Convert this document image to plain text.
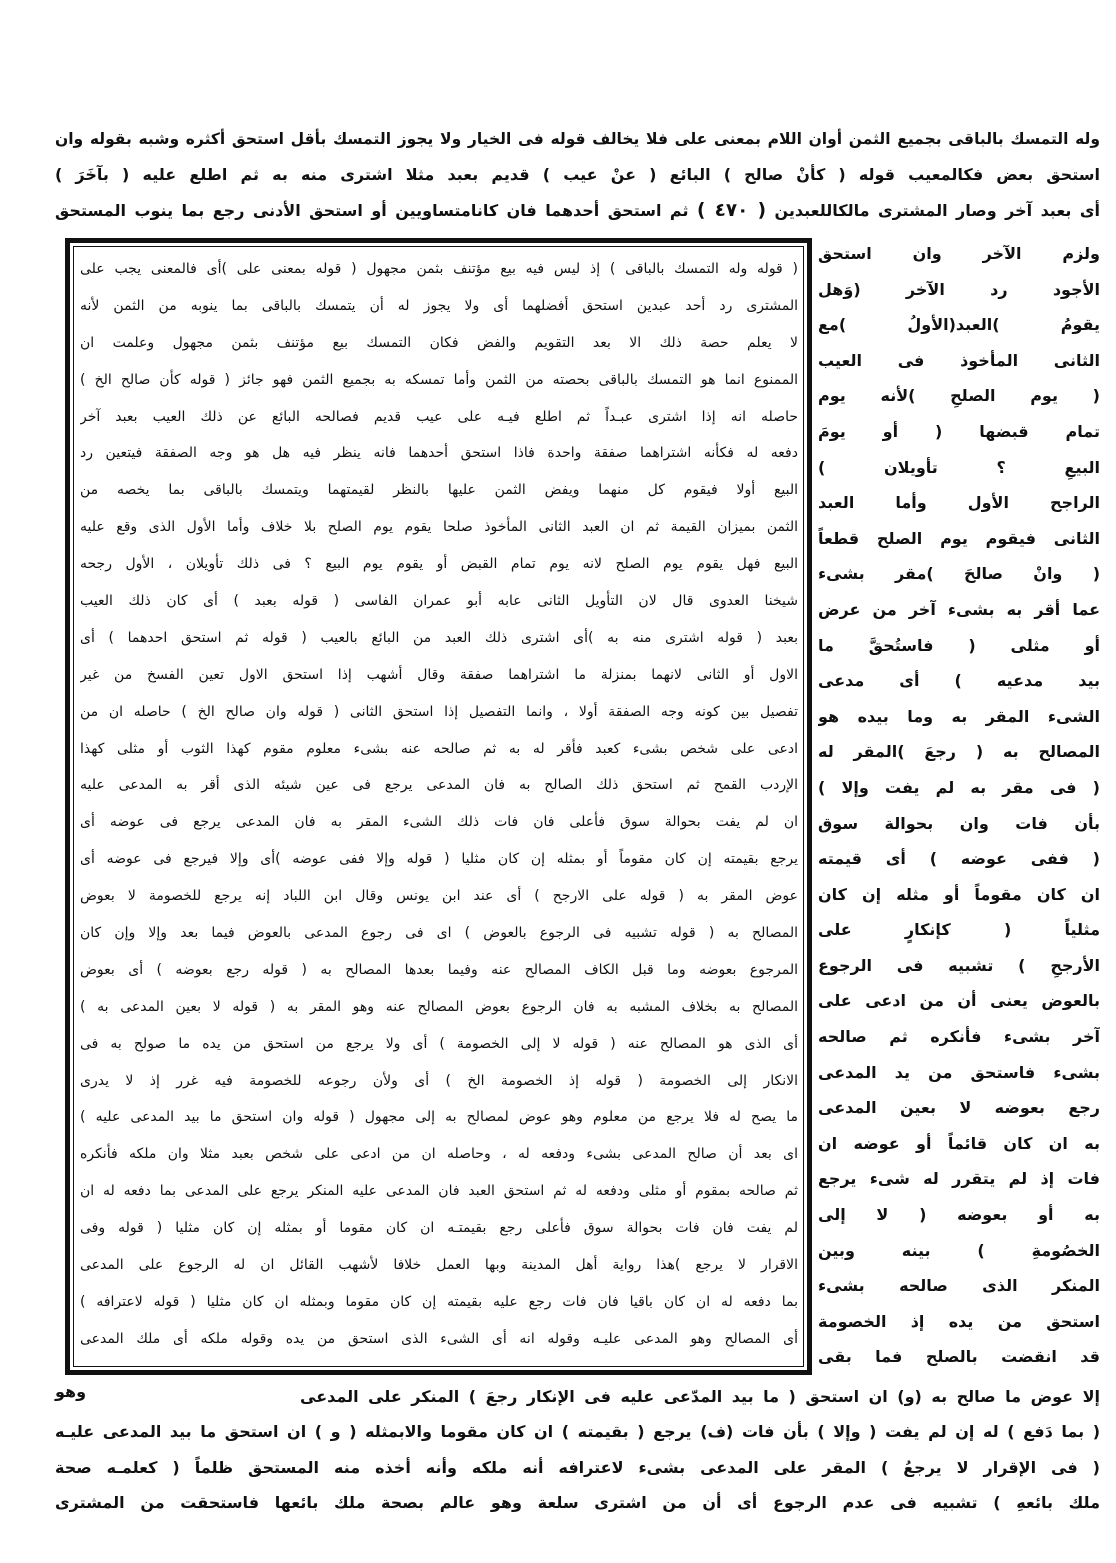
وله التمسك بالباقى بجميع الثمن أوان اللام بمعنى على فلا يخالف قوله فى الخيار ولا يجوز التمسك بأقل استحق أكثره وشبه بقوله وان
استحق بعض فكالمعيب قوله ( كأنْ صالح ) البائع ( عنْ عيب ) قديم بعبد مثلا اشترى منه به ثم اطلع عليه ( بآخَرَ )
أى بعبد آخر وصار المشترى مالكاللعبدين ( ٤٧٠ ) ثم استحق أحدهما فان كانامتساويين أو استحق الأدنى رجع بما ينوب المستحق
( قوله وله التمسك بالباقى ) إذ ليس فيه بيع مؤتنف بثمن مجهول ( قوله بمعنى على )أى فالمعنى يجب على
المشترى رد أحد عبدين استحق أفضلهما أى ولا يجوز له أن يتمسك بالباقى بما ينوبه من الثمن لأنه
لا يعلم حصة ذلك الا بعد التقويم والفض فكان التمسك بيع مؤتنف بثمن مجهول وعلمت ان
الممنوع انما هو التمسك بالباقى بحصته من الثمن وأما تمسكه به بجميع الثمن فهو جائز ( قوله كأن صالح الخ )
حاصله انه إذا اشترى عبـداً ثم اطلع فيـه على عيب قديم فصالحه البائع عن ذلك العيب بعبد آخر
دفعه له فكأنه اشتراهما صفقة واحدة فاذا استحق أحدهما فانه ينظر فيه هل هو وجه الصفقة فيتعين رد
البيع أولا فيقوم كل منهما ويفض الثمن عليها بالنظر لقيمتهما ويتمسك بالباقى بما يخصه من
الثمن بميزان القيمة ثم ان العبد الثانى المأخوذ صلحا يقوم يوم الصلح بلا خلاف وأما الأول الذى وقع عليه
البيع فهل يقوم يوم الصلح لانه يوم تمام القبض أو يقوم يوم البيع ؟ فى ذلك تأويلان ، الأول رجحه
شيخنا العدوى قال لان التأويل الثانى عابه أبو عمران الفاسى ( قوله بعبد ) أى كان ذلك العيب
بعبد ( قوله اشترى منه به )أى اشترى ذلك العبد من البائع بالعيب ( قوله ثم استحق احدهما ) أى
الاول أو الثانى لانهما بمنزلة ما اشتراهما صفقة وقال أشهب إذا استحق الاول تعين الفسخ من غير
تفصيل بين كونه وجه الصفقة أولا ، وانما التفصيل إذا استحق الثانى ( قوله وان صالح الخ ) حاصله ان من
ادعى على شخص بشىء كعبد فأقر له به ثم صالحه عنه بشىء معلوم مقوم كهذا الثوب أو مثلى كهذا
الإردب القمح ثم استحق ذلك الصالح به فان المدعى يرجع فى عين شيئه الذى أقر به المدعى عليه
ان لم يفت بحوالة سوق فأعلى فان فات ذلك الشىء المقر به فان المدعى يرجع فى عوضه أى
يرجع بقيمته إن كان مقوماً أو بمثله إن كان مثليا ( قوله وإلا ففى عوضه )أى وإلا فيرجع فى عوضه أى
عوض المقر به ( قوله على الارجح ) أى عند ابن يونس وقال ابن اللباد إنه يرجع للخصومة لا بعوض
المصالح به ( قوله تشبيه فى الرجوع بالعوض ) اى فى رجوع المدعى بالعوض فيما بعد وإلا وإن كان
المرجوع بعوضه وما قبل الكاف المصالح عنه وفيما بعدها المصالح به ( قوله رجع بعوضه ) أى بعوض
المصالح به بخلاف المشبه به فان الرجوع بعوض المصالح عنه وهو المقر به ( قوله لا بعين المدعى به )
أى الذى هو المصالح عنه ( قوله لا إلى الخصومة ) أى ولا يرجع من استحق من يده ما صولح به فى
الانكار إلى الخصومة ( قوله إذ الخصومة الخ ) أى ولأن رجوعه للخصومة فيه غرر إذ لا يدرى
ما يصح له فلا يرجع من معلوم وهو عوض لمصالح به إلى مجهول ( قوله وان استحق ما بيد المدعى عليه )
اى بعد أن صالح المدعى بشىء ودفعه له ، وحاصله ان من ادعى على شخص بعبد مثلا وان ملكه فأنكره
ثم صالحه بمقوم أو مثلى ودفعه له ثم استحق العبد فان المدعى عليه المنكر يرجع على المدعى بما دفعه له ان
لم يفت فان فات بحوالة سوق فأعلى رجع بقيمتـه ان كان مقوما أو بمثله إن كان مثليا ( قوله وفى
الاقرار لا يرجع )هذا رواية أهل المدينة وبها العمل خلافا لأشهب القائل ان له الرجوع على المدعى
بما دفعه له ان كان باقيا فان فات رجع عليه بقيمته إن كان مقوما وبمثله ان كان مثليا ( قوله لاعترافه )
أى المصالح وهو المدعى عليـه وقوله انه أى الشىء الذى استحق من يده وقوله ملكه أى ملك المدعى
ولزم الآخر وان استحق
الأجود رد الآخر (وَهل
يقومُ )العبد(الأولُ )مع
الثانى المأخوذ فى العيب
( يوم الصلحِ )لأنه يوم
تمام قبضها ( أو يومَ
البيعِ ؟ تأويلان )
الراجح الأول وأما العبد
الثانى فيقوم يوم الصلح قطعاً
( وانْ صالحَ )مقر بشىء
عما أقر به بشىء آخر من عرض
أو مثلى ( فاستُحقَّ ما
بيد مدعيه ) أى مدعى
الشىء المقر به وما بيده هو
المصالح به ( رجعَ )المقر له
( فى مقر به لم يفت وإلا )
بأن فات وان بحوالة سوق
( ففى عوضه ) أى قيمته
ان كان مقوماً أو مثله إن كان
مثلياً ( كإنكارٍ على
الأرجحِ ) تشبيه فى الرجوع
بالعوض يعنى أن من ادعى على
آخر بشىء فأنكره ثم صالحه
بشىء فاستحق من يد المدعى
رجع بعوضه لا بعين المدعى
به ان كان قائماً أو عوضه ان
فات إذ لم يتقرر له شىء يرجع
به أو بعوضه ( لا إلى
الخصُومةِ ) بينه وبين
المنكر الذى صالحه بشىء
استحق من يده إذ الخصومة
قد انقضت بالصلح فما بقى
إلا عوض ما صالح به (و) ان استحق ( ما بيد المدّعى عليه فى الإنكار رجعَ ) المنكر على المدعى
وهو
( بما دَفع ) له إن لم يفت ( وإلا ) بأن فات (ف) يرجع ( بقيمته ) ان كان مقوما والابمثله ( و ) ان استحق ما بيد المدعى عليـه
( فى الإقرار لا يرجعُ ) المقر على المدعى بشىء لاعترافه أنه ملكه وأنه أخذه منه المستحق ظلماً ( كعلمـه صحة
ملك بائعهِ ) تشبيه فى عدم الرجوع أى أن من اشترى سلعة وهو عالم بصحة ملك بائعها فاستحقت من المشترى
